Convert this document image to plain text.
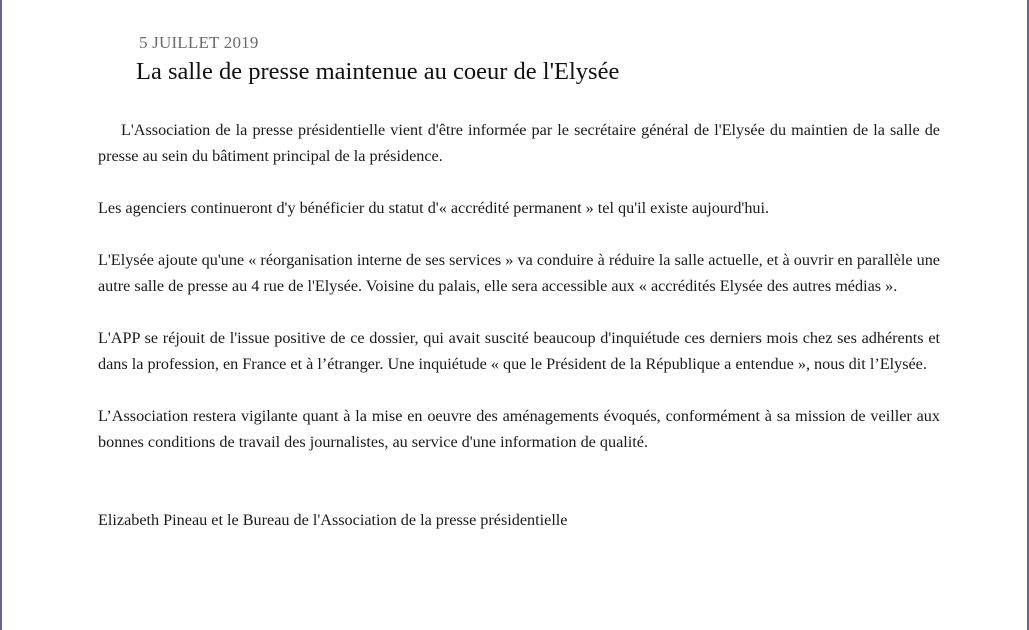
5 JUILLET 2019
La salle de presse maintenue au coeur de l'Elysée

L'Association de la presse présidentielle vient d'être informée par le secrétaire général de l'Elysée du maintien de la salle de presse au sein du bâtiment principal de la présidence.

Les agenciers continueront d'y bénéficier du statut d'« accrédité permanent » tel qu'il existe aujourd'hui.

L'Elysée ajoute qu'une « réorganisation interne de ses services » va conduire à réduire la salle actuelle, et à ouvrir en parallèle une autre salle de presse au 4 rue de l'Elysée. Voisine du palais, elle sera accessible aux « accrédités Elysée des autres médias ».

L'APP se réjouit de l'issue positive de ce dossier, qui avait suscité beaucoup d'inquiétude ces derniers mois chez ses adhérents et dans la profession, en France et à l’étranger. Une inquiétude « que le Président de la République a entendue », nous dit l’Elysée.

L’Association restera vigilante quant à la mise en oeuvre des aménagements évoqués, conformément à sa mission de veiller aux bonnes conditions de travail des journalistes, au service d'une information de qualité.

Elizabeth Pineau et le Bureau de l'Association de la presse présidentielle
